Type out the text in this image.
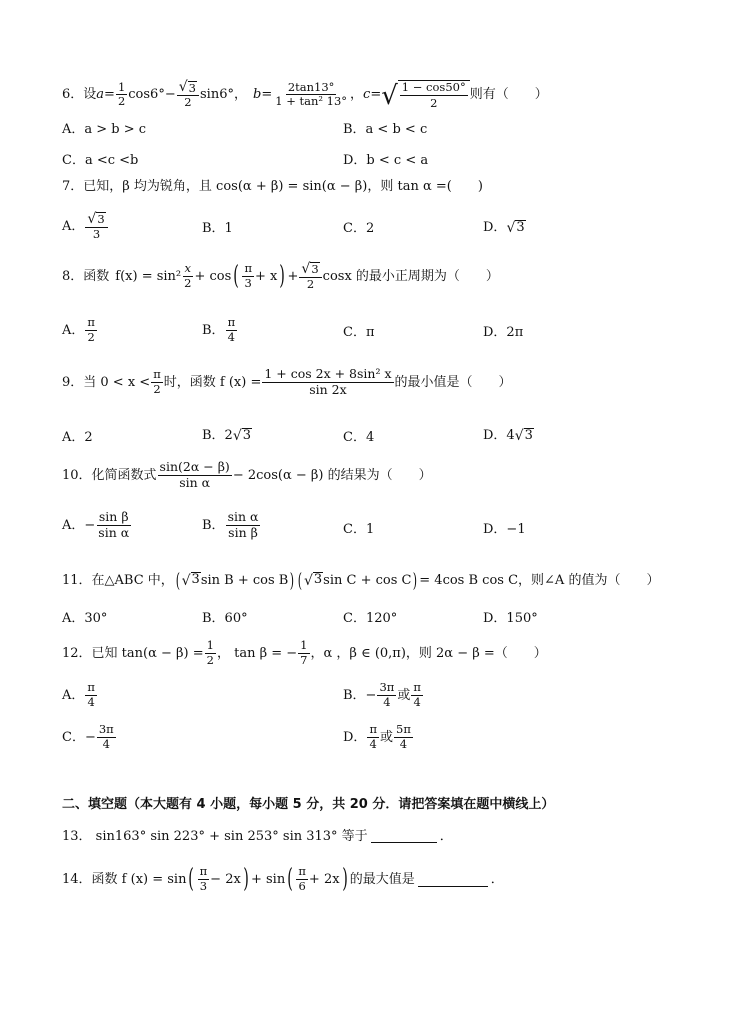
6．设 $a = \frac{1}{2} \cos 6^\circ - \frac{√ 3}{2} \sin 6^\circ$， $b = \frac{2\tan 13^\circ}{\text{1 + tan² 13°}}$ ， c = √ $\frac{1 - \cos 50^\circ}{2}$ 则有（　　）
A．a > b > c	B．a < b < c
C．a <c <b	D．b < c < a
7．已知，β 均为锐角，且 cos(α + β) = sin(α − β)，则 tan α =(　　)
A． $\frac{√ 3}{3}$	B．1	C．2	D． √ 3
8．函数 $f(x) = \sin^2 \frac{x}{2} + \cos$ ( $\frac{\pi}{3} + x$ ) + $\frac{√ 3}{2}$ cosx 的最小正周期为（　　）
A． $\frac{\pi}{2}$	B． $\frac{\pi}{4}$	C．π	D．2π
9．当 $0 < x < \frac{\pi}{2}$ 时，函数 f $(x) = \frac{\text{1 + cos 2x + 8sin² x}}{\sin 2x}$ 的最小值是（　　）
A．2	B．2 √ 3	C．4	D．4 √ 3
10．化简函数式 $\frac{\sin(2\alpha - \beta)}{\text{sin α}} - 2\cos(\alpha - \beta)$ 的结果为（　　）
A．− $\frac{\text{sin β}}{\text{sin α}}$	B． $\frac{\text{sin α}}{\text{sin β}}$	C．1	D．−1
11．在△ABC 中， ( √ 3 sin B + cos B ) ( √ 3 sin C + cos C ) = 4cos B cos C，则∠A 的值为（　　）
A．30°	B．60°	C．120°	D．150°
12．已知 $\tan(\alpha - \beta) = \frac{1}{2}$ ， tan β = − $\frac{1}{7}$ ，α ，β ∈ (0,π)，则 2α − β =（　　）
A． $\frac{\pi}{4}$	B．− $\frac{3\pi}{4}$ 或 $\frac{\pi}{4}$
C．− $\frac{3\pi}{4}$	D． $\frac{\pi}{4}$ 或 $\frac{5\pi}{4}$
二、填空题（本大题有 4 小题，每小题 5 分，共 20 分．请把答案填在题中横线上）
13． sin163° sin 223° + sin 253° sin 313° 等于	．
14．函数 f (x) = sin ( $\frac{\pi}{3} - 2x$ ) + sin ( $\frac{\pi}{6} + 2x$ ) 的最大值是	．
